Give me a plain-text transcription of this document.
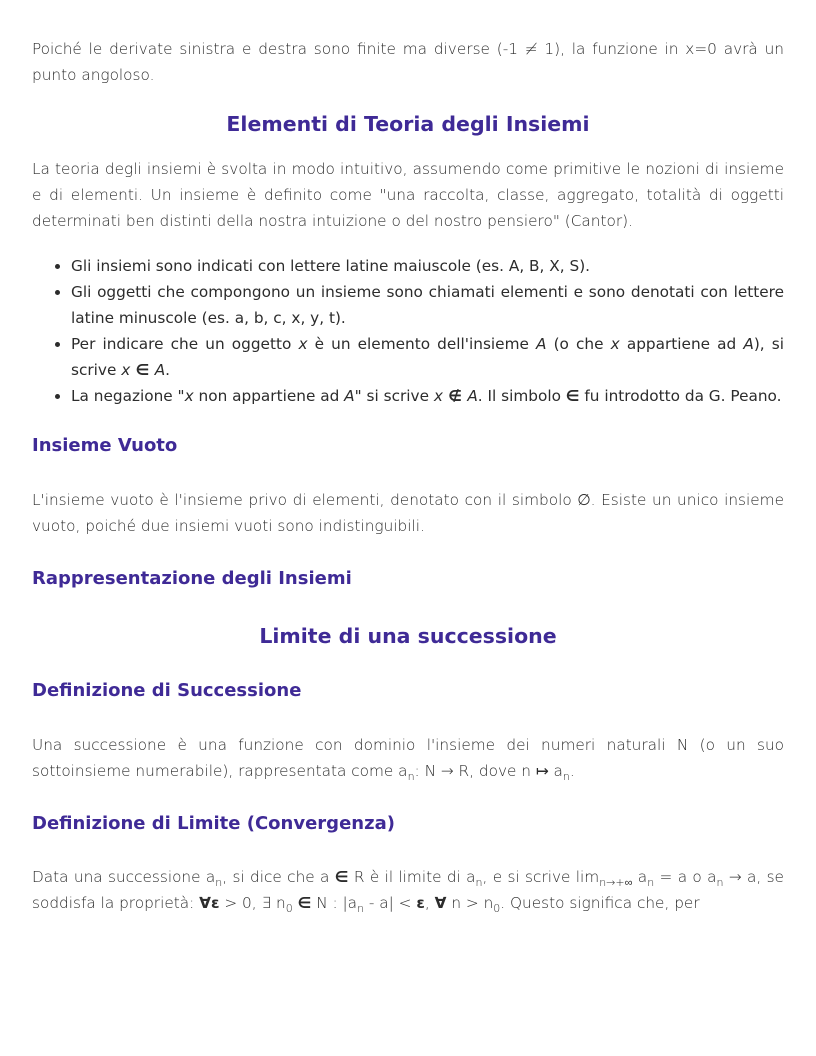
Poiché le derivate sinistra e destra sono finite ma diverse (-1 ≠ 1), la funzione in x=0 avrà un punto angoloso.

Elementi di Teoria degli Insiemi

La teoria degli insiemi è svolta in modo intuitivo, assumendo come primitive le nozioni di insieme e di elementi. Un insieme è definito come "una raccolta, classe, aggregato, totalità di oggetti determinati ben distinti della nostra intuizione o del nostro pensiero" (Cantor).

• Gli insiemi sono indicati con lettere latine maiuscole (es. A, B, X, S).
• Gli oggetti che compongono un insieme sono chiamati elementi e sono denotati con lettere latine minuscole (es. a, b, c, x, y, t).
• Per indicare che un oggetto x è un elemento dell'insieme A (o che x appartiene ad A), si scrive x ∈ A.
• La negazione "x non appartiene ad A" si scrive x ∉ A. Il simbolo ∈ fu introdotto da G. Peano.
Insieme Vuoto

L'insieme vuoto è l'insieme privo di elementi, denotato con il simbolo ∅. Esiste un unico insieme vuoto, poiché due insiemi vuoti sono indistinguibili.

Rappresentazione degli Insiemi
Limite di una successione
Definizione di Successione

Una successione è una funzione con dominio l'insieme dei numeri naturali N (o un suo sottoinsieme numerabile), rappresentata come $a_n$: N → R, dove n ↦ $a_n$.

Definizione di Limite (Convergenza)

Data una successione $a_n$, si dice che a ∈ R è il limite di $a_n$, e si scrive $\lim_{n\to+\infty} a_n = a$ o $a_n \to a$, se soddisfa la proprietà: ∀ε > 0, ∃ $n_0$ ∈ N : $|a_n - a| < \varepsilon$, ∀ $n > n_0$. Questo significa che, per
